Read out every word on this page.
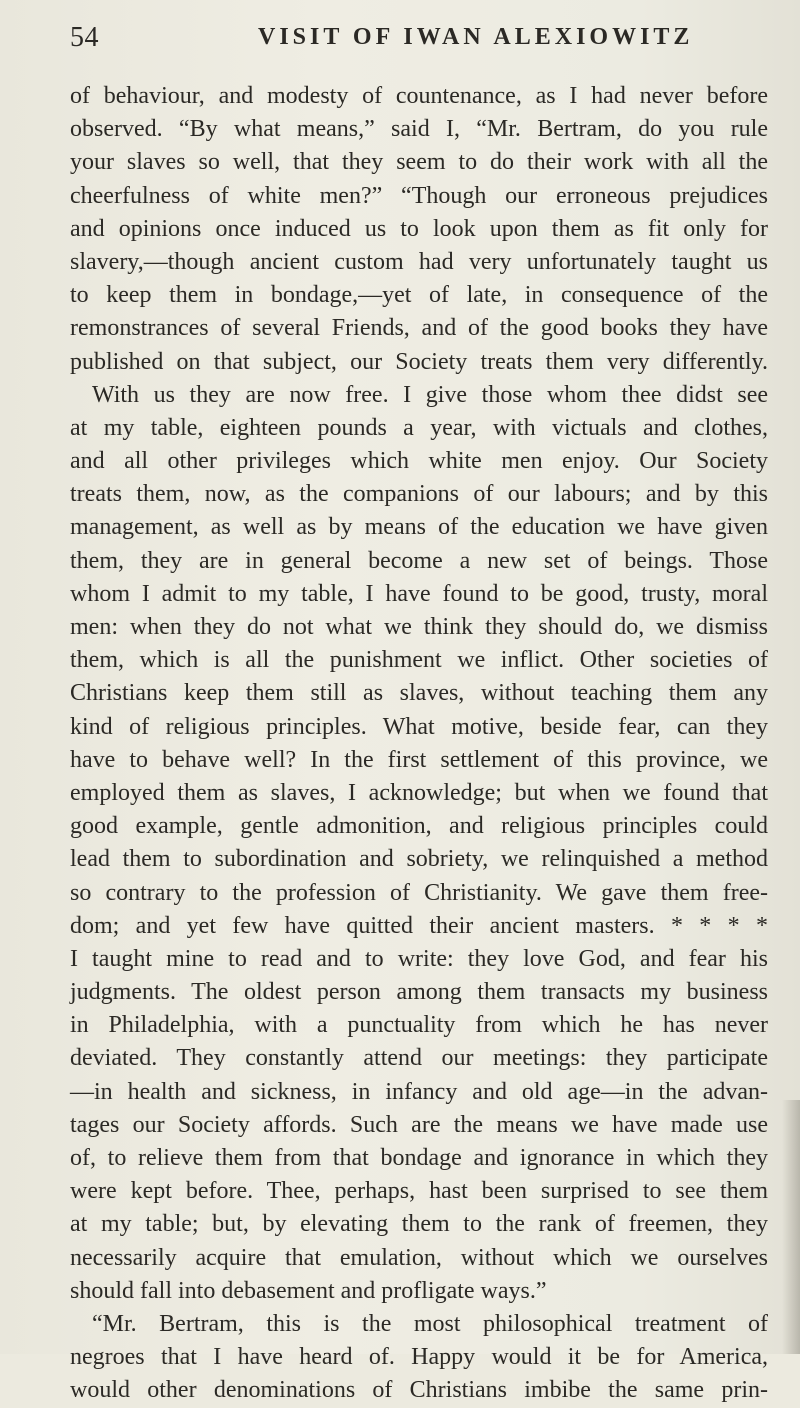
54	VISIT OF IWAN ALEXIOWITZ
of behaviour, and modesty of countenance, as I had never before
observed. “By what means,” said I, “Mr. Bertram, do you rule
your slaves so well, that they seem to do their work with all the
cheerfulness of white men?” “Though our erroneous prejudices
and opinions once induced us to look upon them as fit only for
slavery,—though ancient custom had very unfortunately taught us
to keep them in bondage,—yet of late, in consequence of the
remonstrances of several Friends, and of the good books they have
published on that subject, our Society treats them very differently.
With us they are now free. I give those whom thee didst see
at my table, eighteen pounds a year, with victuals and clothes,
and all other privileges which white men enjoy. Our Society
treats them, now, as the companions of our labours; and by this
management, as well as by means of the education we have given
them, they are in general become a new set of beings. Those
whom I admit to my table, I have found to be good, trusty, moral
men: when they do not what we think they should do, we dismiss
them, which is all the punishment we inflict. Other societies of
Christians keep them still as slaves, without teaching them any
kind of religious principles. What motive, beside fear, can they
have to behave well? In the first settlement of this province, we
employed them as slaves, I acknowledge; but when we found that
good example, gentle admonition, and religious principles could
lead them to subordination and sobriety, we relinquished a method
so contrary to the profession of Christianity. We gave them free-
dom; and yet few have quitted their ancient masters. * * * *
I taught mine to read and to write: they love God, and fear his
judgments. The oldest person among them transacts my business
in Philadelphia, with a punctuality from which he has never
deviated. They constantly attend our meetings: they participate
—in health and sickness, in infancy and old age—in the advan-
tages our Society affords. Such are the means we have made use
of, to relieve them from that bondage and ignorance in which they
were kept before. Thee, perhaps, hast been surprised to see them
at my table; but, by elevating them to the rank of freemen, they
necessarily acquire that emulation, without which we ourselves
should fall into debasement and profligate ways.”
“Mr. Bertram, this is the most philosophical treatment of
negroes that I have heard of. Happy would it be for America,
would other denominations of Christians imbibe the same prin-
